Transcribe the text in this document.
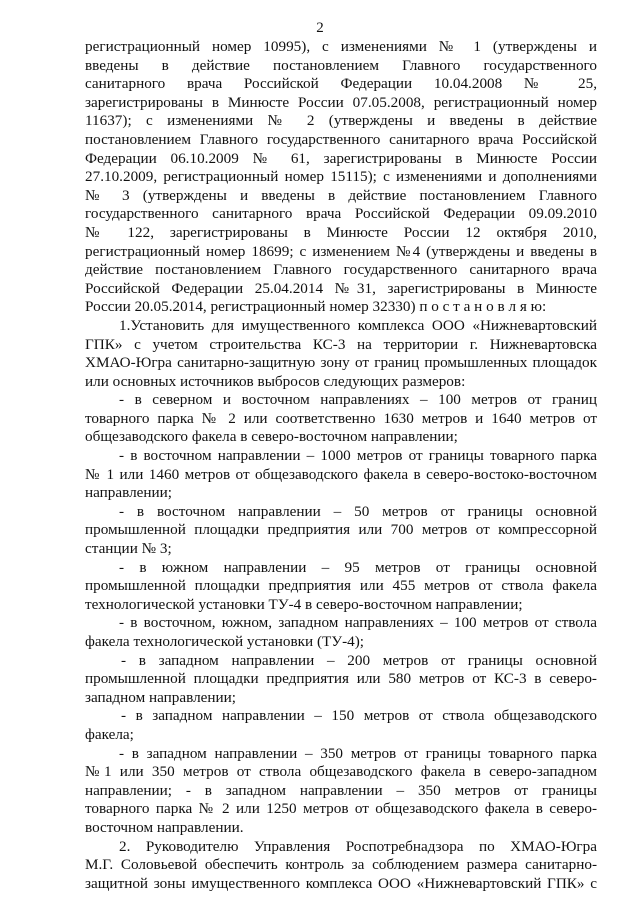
2
регистрационный номер 10995), с изменениями № 1 (утверждены и
введены в действие постановлением Главного государственного
санитарного врача Российской Федерации 10.04.2008 № 25,
зарегистрированы в Минюсте России 07.05.2008, регистрационный номер
11637); с изменениями № 2 (утверждены и введены в действие
постановлением Главного государственного санитарного врача Российской
Федерации 06.10.2009 № 61, зарегистрированы в Минюсте России
27.10.2009, регистрационный номер 15115); с изменениями и дополнениями
№ 3 (утверждены и введены в действие постановлением Главного
государственного санитарного врача Российской Федерации 09.09.2010
№ 122, зарегистрированы в Минюсте России 12 октября 2010,
регистрационный номер 18699; с изменением №4 (утверждены и введены в
действие постановлением Главного государственного санитарного врача
Российской Федерации 25.04.2014 №31, зарегистрированы в Минюсте
России 20.05.2014, регистрационный номер 32330) п о с т а н о в л я ю:
1.Установить для имущественного комплекса ООО «Нижневартовский
ГПК» с учетом строительства КС-3 на территории г. Нижневартовска
ХМАО-Югра санитарно-защитную зону от границ промышленных площадок
или основных источников выбросов следующих размеров:
- в северном и восточном направлениях – 100 метров от границ
товарного парка № 2 или соответственно 1630 метров и 1640 метров от
общезаводского факела в северо-восточном направлении;
- в восточном направлении – 1000 метров от границы товарного парка
№ 1 или 1460 метров от общезаводского факела в северо-востоко-восточном
направлении;
- в восточном направлении – 50 метров от границы основной
промышленной площадки предприятия или 700 метров от компрессорной
станции № 3;
- в южном направлении – 95 метров от границы основной
промышленной площадки предприятия или 455 метров от ствола факела
технологической установки ТУ-4 в северо-восточном направлении;
- в восточном, южном, западном направлениях – 100 метров от ствола
факела технологической установки (ТУ-4);
- в западном направлении – 200 метров от границы основной
промышленной площадки предприятия или 580 метров от КС-3 в северо-
западном направлении;
- в западном направлении – 150 метров от ствола общезаводского
факела;
- в западном направлении – 350 метров от границы товарного парка
№1 или 350 метров от ствола общезаводского факела в северо-западном
направлении; - в западном направлении – 350 метров от границы
товарного парка № 2 или 1250 метров от общезаводского факела в северо-
восточном направлении.
2. Руководителю Управления Роспотребнадзора по ХМАО-Югра
М.Г. Соловьевой обеспечить контроль за соблюдением размера санитарно-
защитной зоны имущественного комплекса ООО «Нижневартовский ГПК» с
